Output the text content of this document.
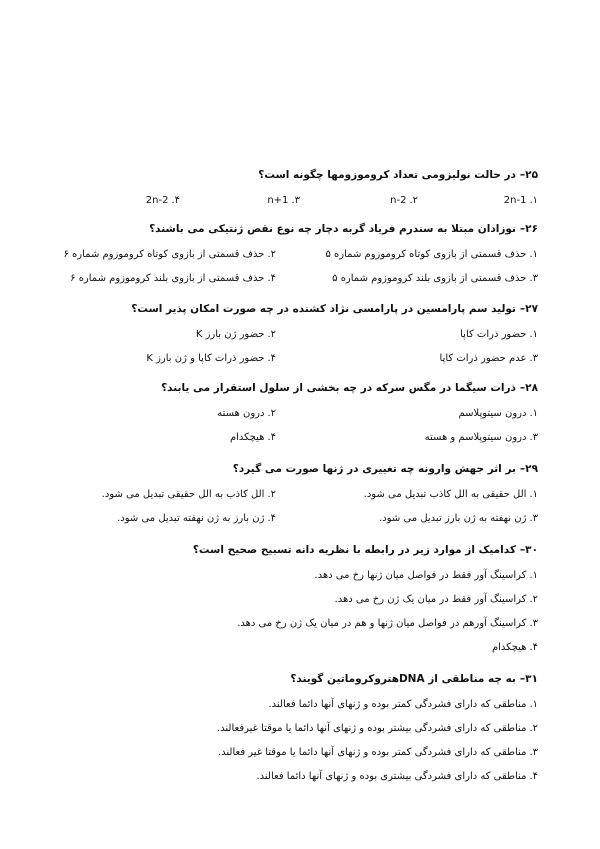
۲۵–در حالت نولیزومی تعداد کروموزومها چگونه است؟
۱.2n-1
۲.n-2
۳.n+1
۴.2n-2
۲۶–نوزادان مبتلا به سندرم فریاد گربه دچار چه نوع نقص ژنتیکی می باشند؟
۱.حذف قسمتی از بازوی کوتاه کروموزوم شماره ۵
۲.حذف قسمتی از بازوی کوتاه کروموزوم شماره ۶
۳.حذف قسمتی از بازوی بلند کروموزوم شماره ۵
۴.حذف قسمتی از بازوی بلند کروموزوم شماره ۶
۲۷–تولید سم پارامسین در پارامسی نژاد کشنده در چه صورت امکان پذیر است؟
۱.حضور ذرات کاپا
۲.حضور ژن بارز K
۳.عدم حضور ذرات کاپا
۴.حضور ذرات کاپا و ژن بارز K
۲۸–ذرات سیگما در مگس سرکه در چه بخشی از سلول استقرار می یابند؟
۱.درون سیتوپلاسم
۲.درون هسته
۳.درون سیتوپلاسم و هسته
۴.هیچکدام
۲۹–بر اثر جهش وارونه چه تغییری در ژنها صورت می گیرد؟
۱.الل حقیقی به الل کاذب تبدیل می شود.
۲.الل کاذب به الل حقیقی تبدیل می شود.
۳.ژن نهفته به ژن بارز تبدیل می شود.
۴.ژن بارز به ژن نهفته تبدیل می شود.
۳۰–کدامیک از موارد زیر در رابطه با نظریه دانه تسبیح صحیح است؟
۱.کراسینگ آور فقط در فواصل میان ژنها رخ می دهد.
۲.کراسینگ آور فقط در میان یک ژن رخ می دهد.
۳.کراسینگ آورهم در فواصل میان ژنها و هم در میان یک ژن رخ می دهد.
۴.هیچکدام
۳۱–به چه مناطقی از DNAهتروکروماتین گویند؟
۱.مناطقی که دارای فشردگی کمتر بوده و ژنهای آنها دائما فعالند.
۲.مناطقی که دارای فشردگی بیشتر بوده و ژنهای آنها دائما یا موقتا غیرفعالند.
۳.مناطقی که دارای فشردگی کمتر بوده و ژنهای آنها دائما یا موقتا غیر فعالند.
۴.مناطقی که دارای فشردگی بیشتری بوده و ژنهای آنها دائما فعالند.
